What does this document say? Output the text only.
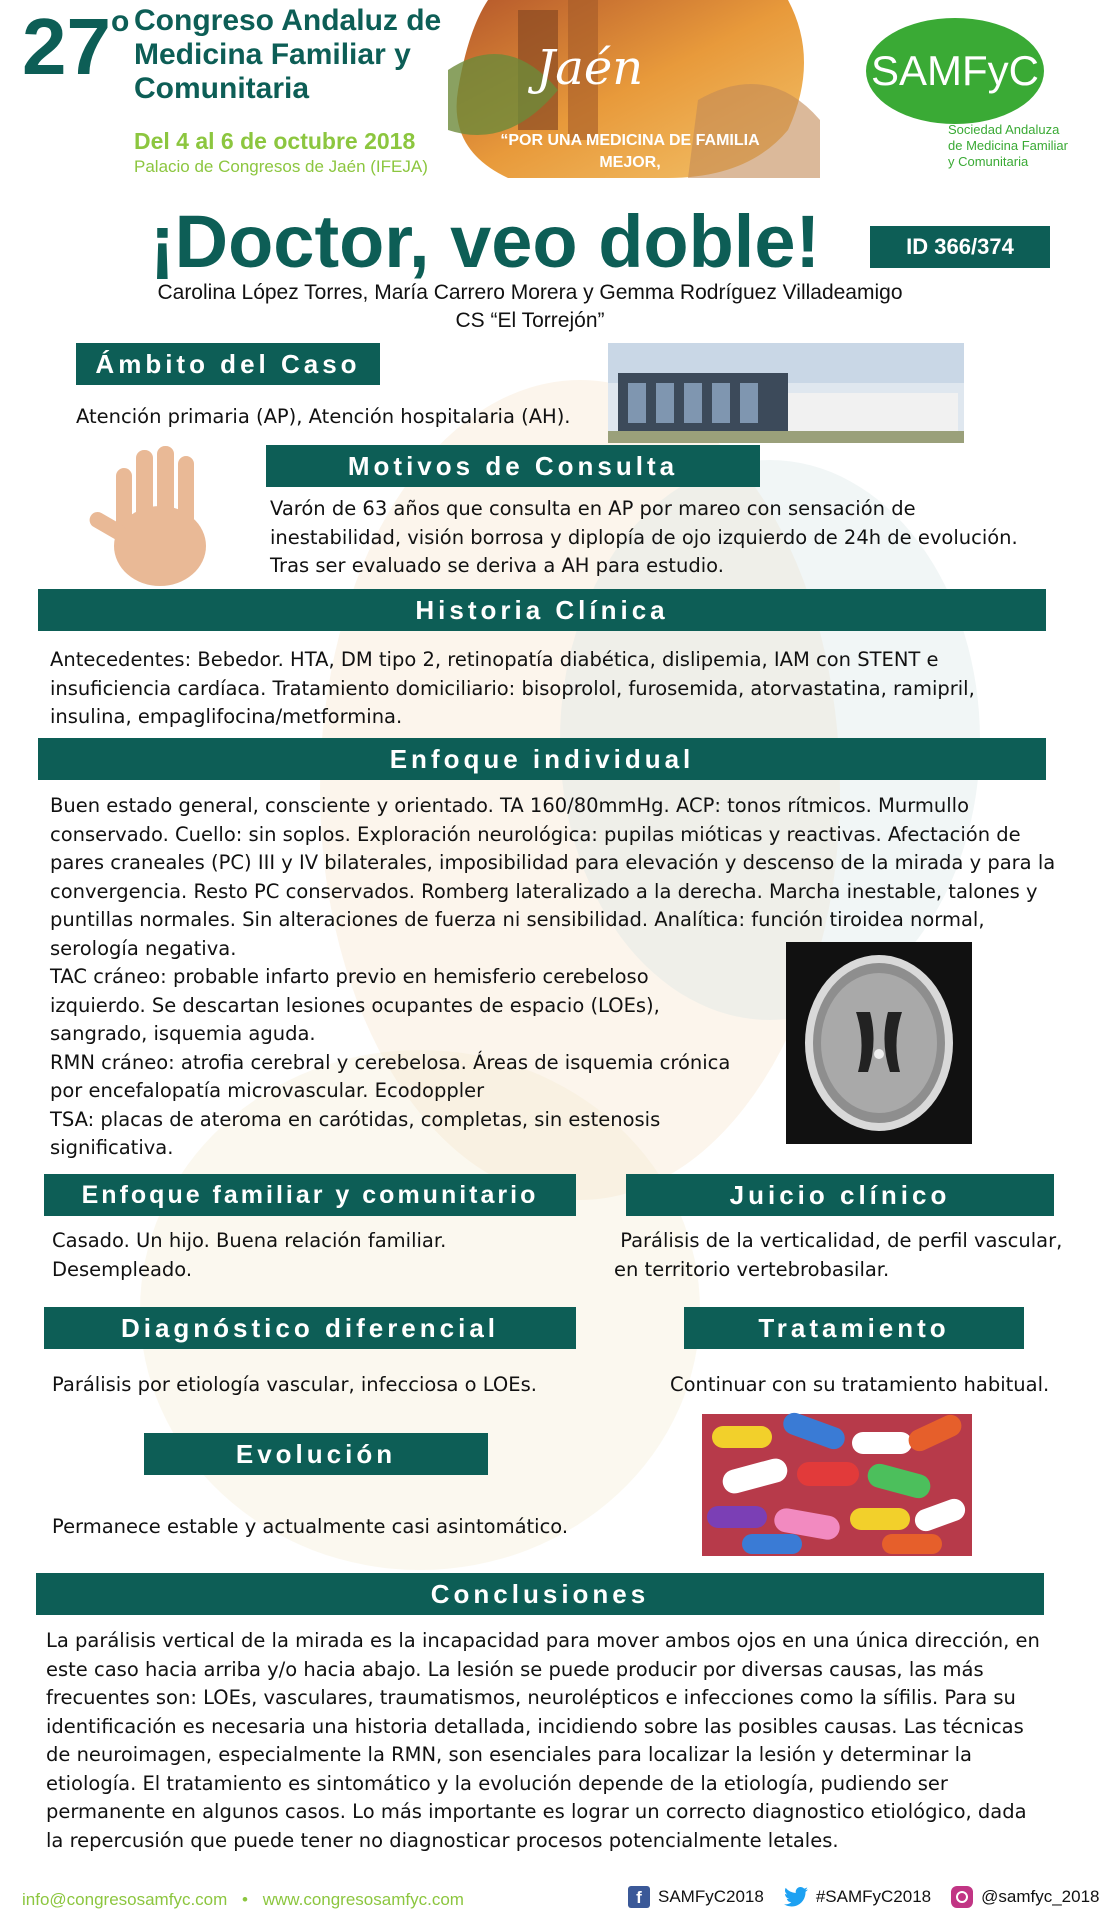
27$^o$ Congreso Andaluz de
Medicina Familiar y
Comunitaria
Del 4 al 6 de octubre 2018
Palacio de Congresos de Jaén (IFEJA)
Jaén
“POR UNA MEDICINA DE FAMILIA MEJOR,
NUESTRO GRAN RETO”
SAMFyC
Sociedad Andaluza
de Medicina Familiar
y Comunitaria
¡Doctor, veo doble!	ID 366/374
Carolina López Torres, María Carrero Morera y Gemma Rodríguez Villadeamigo
CS “El Torrejón”
Ámbito del Caso

Atención primaria (AP), Atención hospitalaria (AH).

Motivos de Consulta
Varón de 63 años que consulta en AP por mareo con sensación de
inestabilidad, visión borrosa y diplopía de ojo izquierdo de 24h de evolución.
Tras ser evaluado se deriva a AH para estudio.
Historia Clínica
Antecedentes: Bebedor. HTA, DM tipo 2, retinopatía diabética, dislipemia, IAM con STENT e
insuficiencia cardíaca. Tratamiento domiciliario: bisoprolol, furosemida, atorvastatina, ramipril,
insulina, empaglifocina/metformina.
Enfoque individual
Buen estado general, consciente y orientado. TA 160/80mmHg. ACP: tonos rítmicos. Murmullo
conservado. Cuello: sin soplos. Exploración neurológica: pupilas mióticas y reactivas. Afectación de
pares craneales (PC) III y IV bilaterales, imposibilidad para elevación y descenso de la mirada y para la
convergencia. Resto PC conservados. Romberg lateralizado a la derecha. Marcha inestable, talones y
puntillas normales. Sin alteraciones de fuerza ni sensibilidad. Analítica: función tiroidea normal,
serología negativa.
TAC cráneo: probable infarto previo en hemisferio cerebeloso
izquierdo. Se descartan lesiones ocupantes de espacio (LOEs),
sangrado, isquemia aguda.
RMN cráneo: atrofia cerebral y cerebelosa. Áreas de isquemia crónica
por encefalopatía microvascular. Ecodoppler
TSA: placas de ateroma en carótidas, completas, sin estenosis
significativa.
Enfoque familiar y comunitario
Casado. Un hijo. Buena relación familiar.
Desempleado.
Juicio clínico
Parálisis de la verticalidad, de perfil vascular,
en territorio vertebrobasilar.
Diagnóstico diferencial

Parálisis por etiología vascular, infecciosa o LOEs.

Tratamiento

Continuar con su tratamiento habitual.

Evolución

Permanece estable y actualmente casi asintomático.

Conclusiones
La parálisis vertical de la mirada es la incapacidad para mover ambos ojos en una única dirección, en
este caso hacia arriba y/o hacia abajo. La lesión se puede producir por diversas causas, las más
frecuentes son: LOEs, vasculares, traumatismos, neurolépticos e infecciones como la sífilis. Para su
identificación es necesaria una historia detallada, incidiendo sobre las posibles causas. Las técnicas
de neuroimagen, especialmente la RMN, son esenciales para localizar la lesión y determinar la
etiología. El tratamiento es sintomático y la evolución depende de la etiología, pudiendo ser
permanente en algunos casos. Lo más importante es lograr un correcto diagnostico etiológico, dada
la repercusión que puede tener no diagnosticar procesos potencialmente letales.
info@congresosamfyc.com • www.congresosamfyc.com	f SAMFyC2018	#SAMFyC2018	@samfyc_2018
